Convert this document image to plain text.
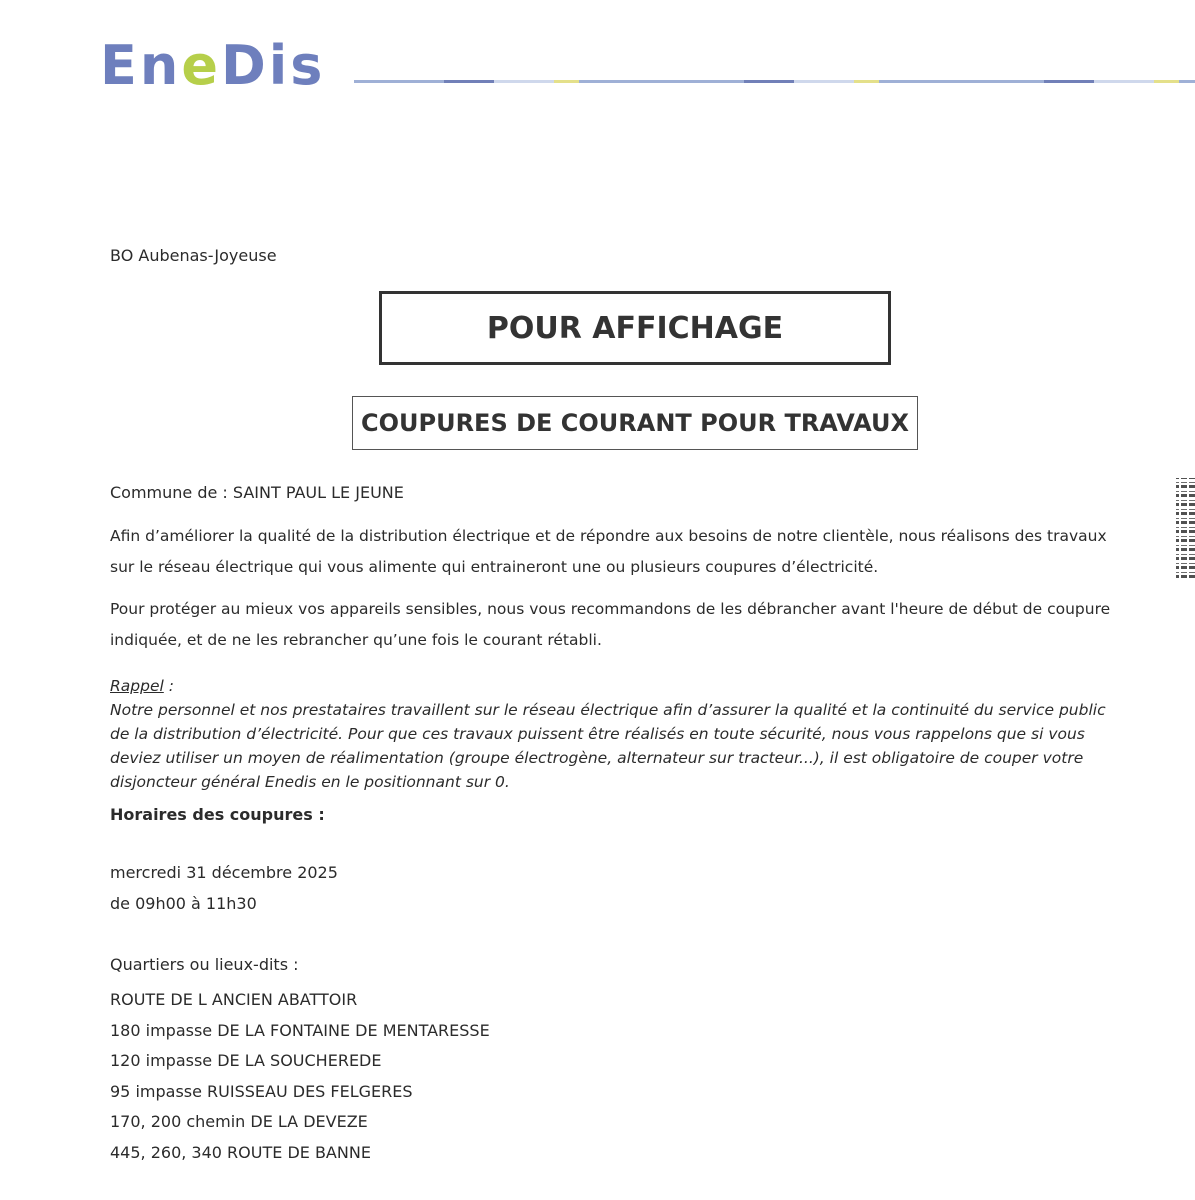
EneDis
BO Aubenas-Joyeuse
POUR AFFICHAGE
COUPURES DE COURANT POUR TRAVAUX
Commune de : SAINT PAUL LE JEUNE
Afin d’améliorer la qualité de la distribution électrique et de répondre aux besoins de notre clientèle, nous réalisons des travaux sur le réseau électrique qui vous alimente qui entraineront une ou plusieurs coupures d’électricité.
Pour protéger au mieux vos appareils sensibles, nous vous recommandons de les débrancher avant l'heure de début de coupure indiquée, et de ne les rebrancher qu’une fois le courant rétabli.
Rappel :
Notre personnel et nos prestataires travaillent sur le réseau électrique afin d’assurer la qualité et la continuité du service public de la distribution d’électricité. Pour que ces travaux puissent être réalisés en toute sécurité, nous vous rappelons que si vous deviez utiliser un moyen de réalimentation (groupe électrogène, alternateur sur tracteur...), il est obligatoire de couper votre disjoncteur général Enedis en le positionnant sur 0.
Horaires des coupures :
mercredi 31 décembre 2025
de 09h00 à 11h30
Quartiers ou lieux-dits :
ROUTE DE L ANCIEN ABATTOIR
180 impasse DE LA FONTAINE DE MENTARESSE
120 impasse DE LA SOUCHEREDE
95 impasse RUISSEAU DES FELGERES
170, 200 chemin DE LA DEVEZE
445, 260, 340 ROUTE DE BANNE
